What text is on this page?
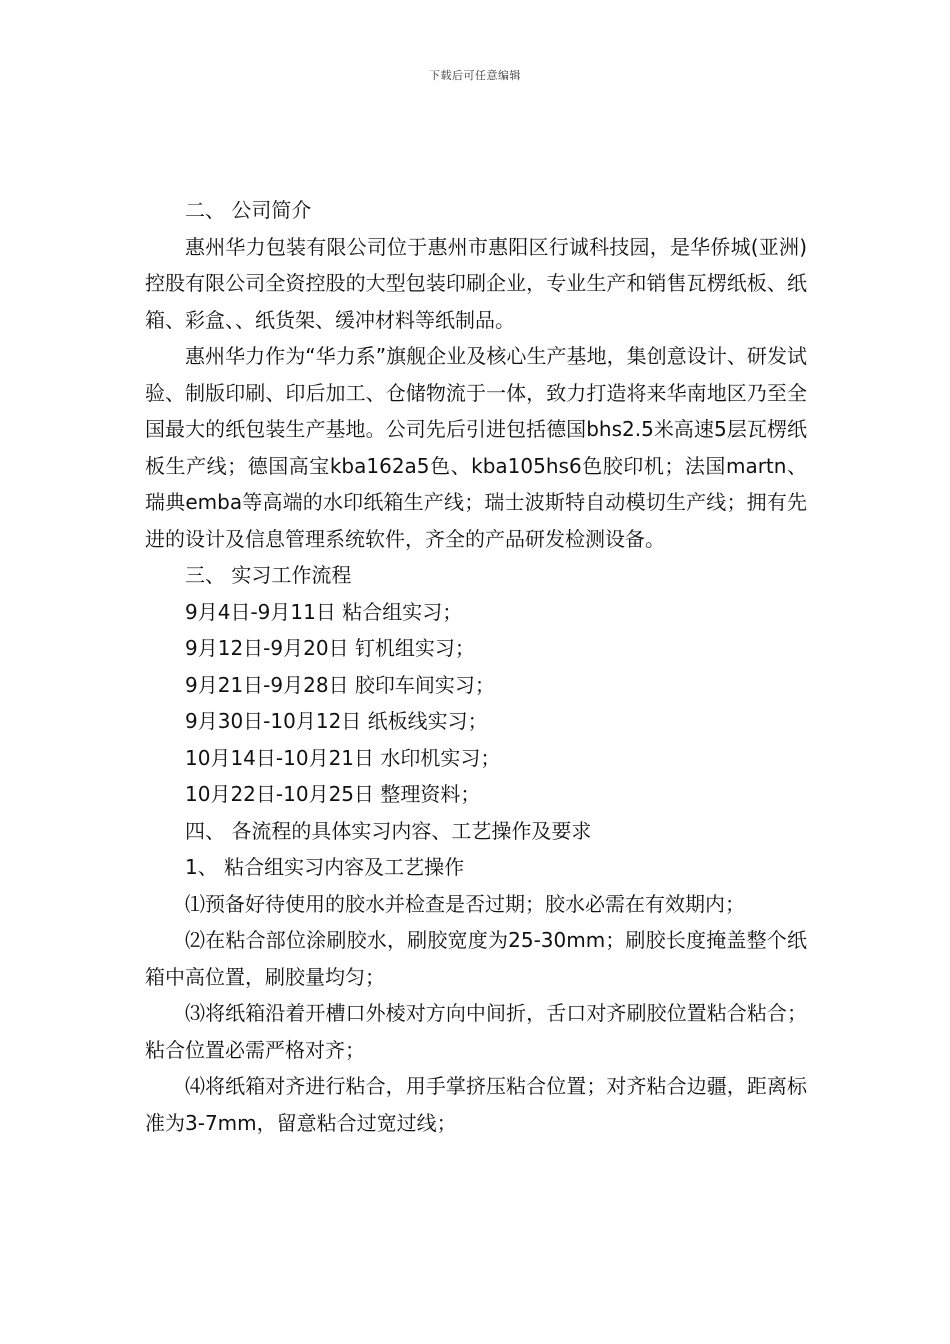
下载后可任意编辑

二、 公司简介

惠州华力包装有限公司位于惠州市惠阳区行诚科技园，是华侨城(亚洲)控股有限公司全资控股的大型包装印刷企业，专业生产和销售瓦楞纸板、纸箱、彩盒、、纸货架、缓冲材料等纸制品。

惠州华力作为“华力系”旗舰企业及核心生产基地，集创意设计、研发试验、制版印刷、印后加工、仓储物流于一体，致力打造将来华南地区乃至全国最大的纸包装生产基地。公司先后引进包括德国bhs2.5米高速5层瓦楞纸板生产线；德国高宝kba162a5色、kba105hs6色胶印机；法国martn、瑞典emba等高端的水印纸箱生产线；瑞士波斯特自动模切生产线；拥有先进的设计及信息管理系统软件，齐全的产品研发检测设备。

三、 实习工作流程

9月4日-9月11日 粘合组实习；

9月12日-9月20日 钉机组实习；

9月21日-9月28日 胶印车间实习；

9月30日-10月12日 纸板线实习；

10月14日-10月21日 水印机实习；

10月22日-10月25日 整理资料；

四、 各流程的具体实习内容、工艺操作及要求

1、 粘合组实习内容及工艺操作

⑴预备好待使用的胶水并检查是否过期；胶水必需在有效期内；

⑵在粘合部位涂刷胶水，刷胶宽度为25-30mm；刷胶长度掩盖整个纸箱中高位置，刷胶量均匀；

⑶将纸箱沿着开槽口外棱对方向中间折，舌口对齐刷胶位置粘合粘合；粘合位置必需严格对齐；

⑷将纸箱对齐进行粘合，用手掌挤压粘合位置；对齐粘合边疆，距离标准为3-7mm，留意粘合过宽过线；
